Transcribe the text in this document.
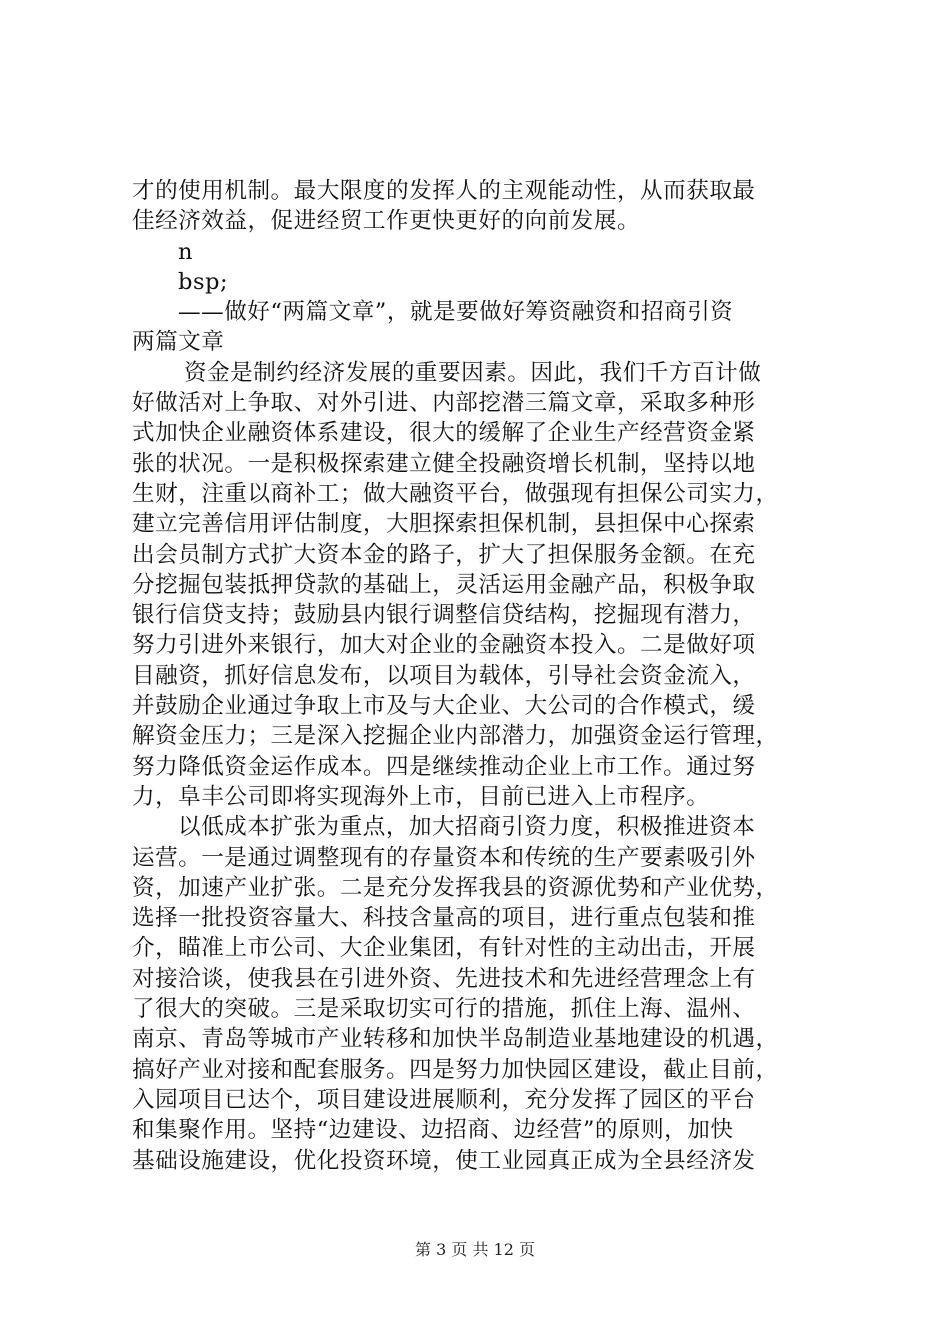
才的使用机制。最大限度的发挥人的主观能动性，从而获取最
佳经济效益，促进经贸工作更快更好的向前发展。
n
bsp;
——做好“两篇文章”，就是要做好筹资融资和招商引资
两篇文章
资金是制约经济发展的重要因素。因此，我们千方百计做
好做活对上争取、对外引进、内部挖潜三篇文章，采取多种形
式加快企业融资体系建设，很大的缓解了企业生产经营资金紧
张的状况。一是积极探索建立健全投融资增长机制，坚持以地
生财，注重以商补工；做大融资平台，做强现有担保公司实力，
建立完善信用评估制度，大胆探索担保机制，县担保中心探索
出会员制方式扩大资本金的路子，扩大了担保服务金额。在充
分挖掘包装抵押贷款的基础上，灵活运用金融产品，积极争取
银行信贷支持；鼓励县内银行调整信贷结构，挖掘现有潜力，
努力引进外来银行，加大对企业的金融资本投入。二是做好项
目融资，抓好信息发布，以项目为载体，引导社会资金流入，
并鼓励企业通过争取上市及与大企业、大公司的合作模式，缓
解资金压力；三是深入挖掘企业内部潜力，加强资金运行管理，
努力降低资金运作成本。四是继续推动企业上市工作。通过努
力，阜丰公司即将实现海外上市，目前已进入上市程序。
以低成本扩张为重点，加大招商引资力度，积极推进资本
运营。一是通过调整现有的存量资本和传统的生产要素吸引外
资，加速产业扩张。二是充分发挥我县的资源优势和产业优势，
选择一批投资容量大、科技含量高的项目，进行重点包装和推
介，瞄准上市公司、大企业集团，有针对性的主动出击，开展
对接洽谈，使我县在引进外资、先进技术和先进经营理念上有
了很大的突破。三是采取切实可行的措施，抓住上海、温州、
南京、青岛等城市产业转移和加快半岛制造业基地建设的机遇，
搞好产业对接和配套服务。四是努力加快园区建设，截止目前，
入园项目已达个，项目建设进展顺利，充分发挥了园区的平台
和集聚作用。坚持“边建设、边招商、边经营”的原则，加快
基础设施建设，优化投资环境，使工业园真正成为全县经济发
第 3 页 共 12 页
